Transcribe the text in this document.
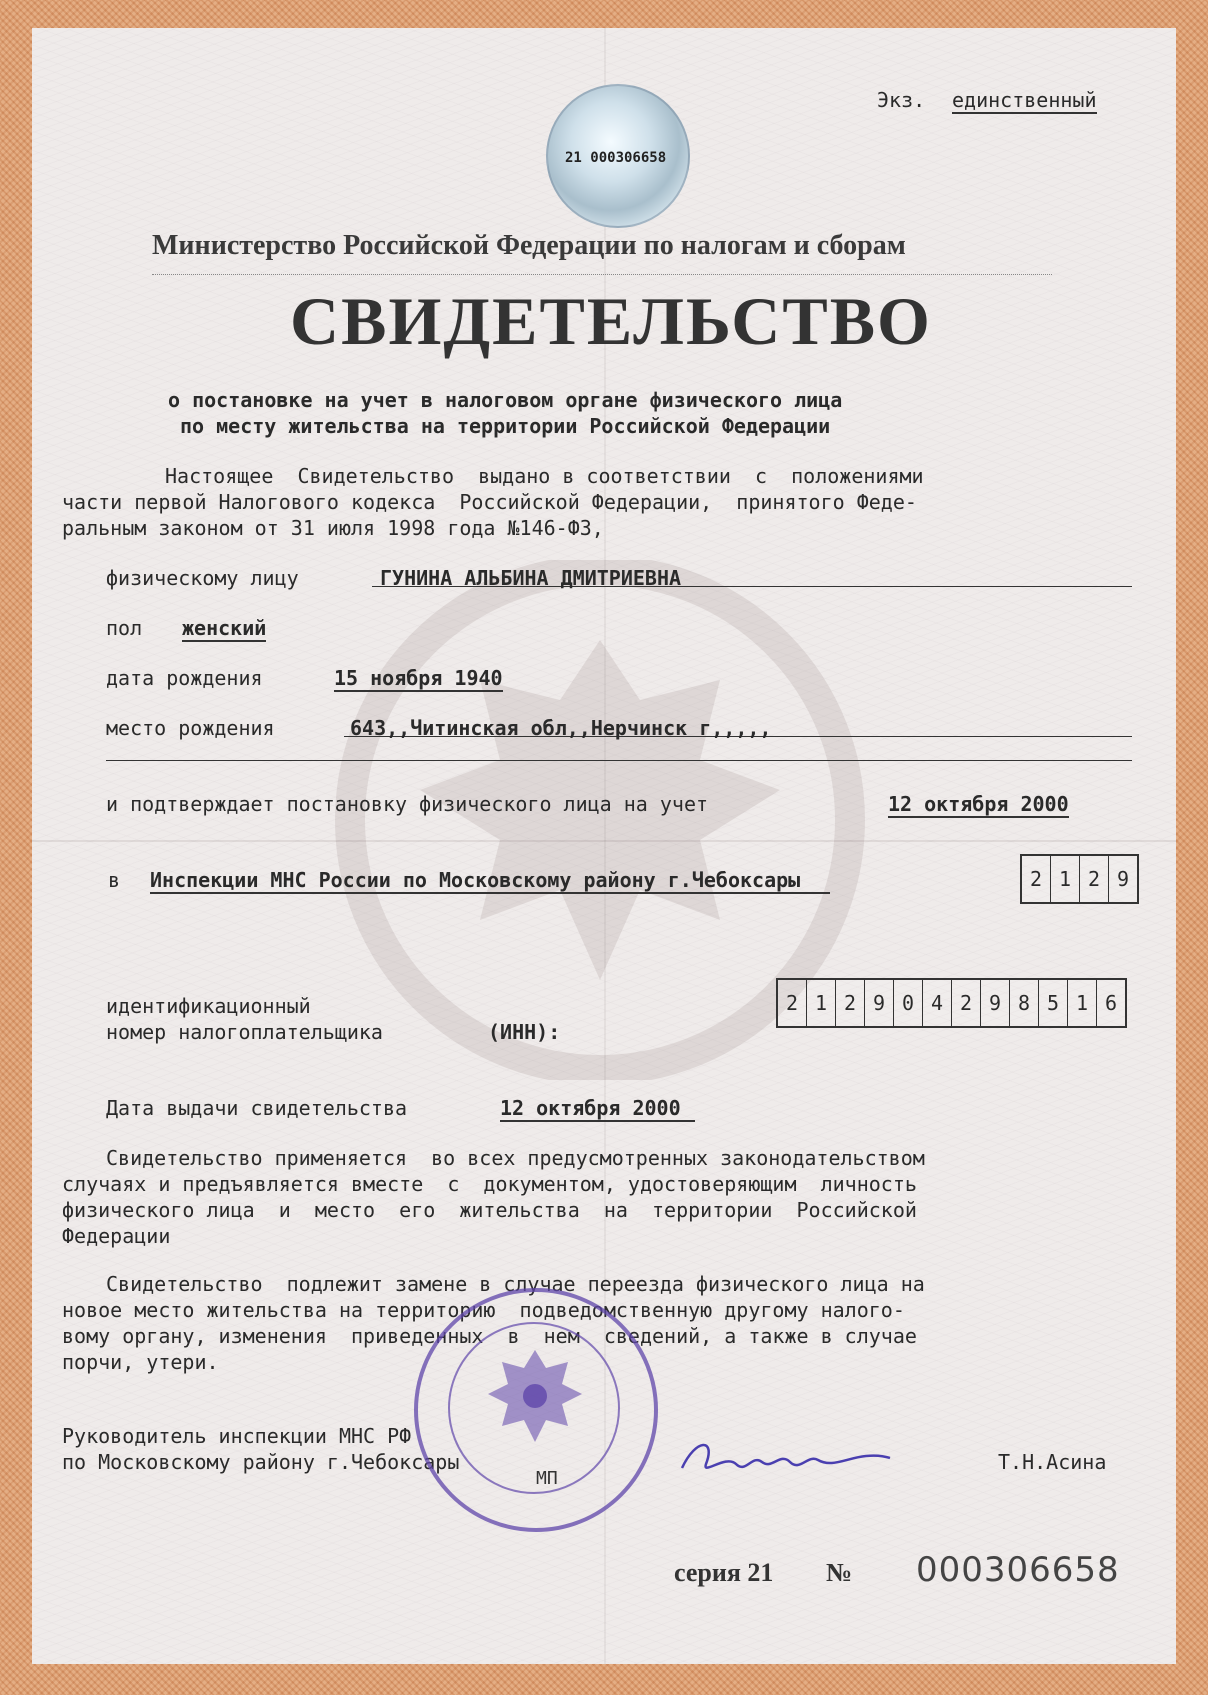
Экз. единственный
21 000306658
Министерство Российской Федерации по налогам и сборам
СВИДЕТЕЛЬСТВО
о постановке на учет в налоговом органе физического лица
по месту жительства на территории Российской Федерации
Настоящее  Свидетельство  выдано в соответствии  с  положениями
части первой Налогового кодекса  Российской Федерации,  принятого Феде-
ральным законом от 31 июля 1998 года №146-ФЗ,
физическому лицу	ГУНИНА АЛЬБИНА ДМИТРИЕВНА
пол женский
дата рождения	15 ноября 1940
место рождения	643,,Читинская обл,,Нерчинск г,,,,,
и подтверждает постановку физического лица на учет	12 октября 2000
в Инспекции МНС России по Московскому району г.Чебоксары	2 1 2 9
идентификационный
номер налогоплательщика	(ИНН):
2 1 2 9 0 4 2 9 8 5 1 6
Дата выдачи свидетельства	12 октября 2000
Свидетельство применяется  во всех предусмотренных законодательством
случаях и предъявляется вместе  с  документом, удостоверяющим  личность
физического лица  и  место  его  жительства  на  территории  Российской
Федерации
Свидетельство  подлежит замене в случае переезда физического лица на
новое место жительства на территорию  подведомственную другому налого-
вому органу, изменения  приведенных  в  нем  сведений, а также в случае
порчи, утери.
Руководитель инспекции МНС РФ
по Московскому району г.Чебоксары	Т.Н.Асина
МП
серия 21 № 000306658
